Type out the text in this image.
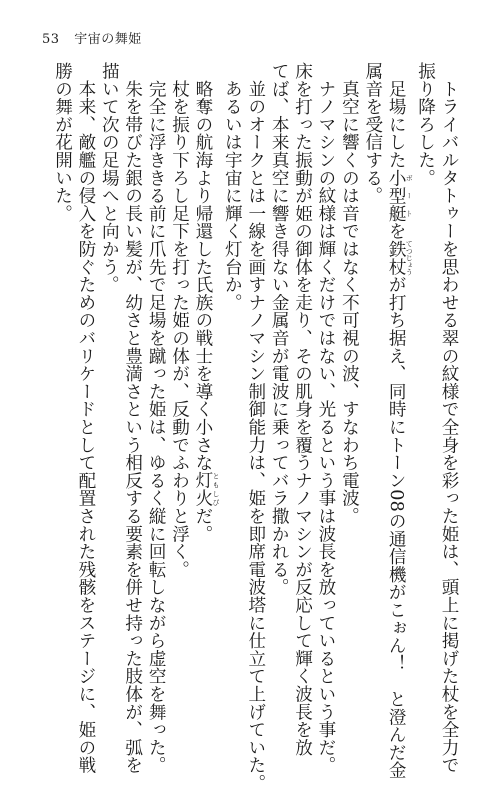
53 宇宙の舞姫

　トライバルタトゥーを思わせる翠の紋様で全身を彩った姫は、頭上に掲げた杖を全力で

振り降ろした。

　足場にした小型艇 ボートを鉄杖 てつじょうが打ち据え、同時にトーン08の通信機がこぉん！　と澄んだ金

属音を受信する。

　真空に響くのは音ではなく不可視の波、すなわち電波。

　ナノマシンの紋様は輝くだけではない、光るという事は波長を放っているという事だ。

床を打った振動が姫の御体を走り、その肌身を覆うナノマシンが反応して輝く波長を放

てば、本来真空に響き得ない金属音が電波に乗ってバラ撒かれる。

　並のオークとは一線を画すナノマシン制御能力は、姫を即席電波塔に仕立て上げていた。

　あるいは宇宙に輝く灯台か。

　略奪の航海より帰還した氏族の戦士を導く小さな灯火 ともしびだ。

　杖を振り下ろし足下を打った姫の体が、反動でふわりと浮く。

　完全に浮ききる前に爪先で足場を蹴った姫は、ゆるく縦に回転しながら虚空を舞った。

　朱を帯びた銀の長い髪が、幼さと豊満さという相反する要素を併せ持った肢体が、弧を

描いて次の足場へと向かう。

　本来、敵艦の侵入を防ぐためのバリケードとして配置された残骸をステージに、姫の戦

勝の舞が花開いた。
